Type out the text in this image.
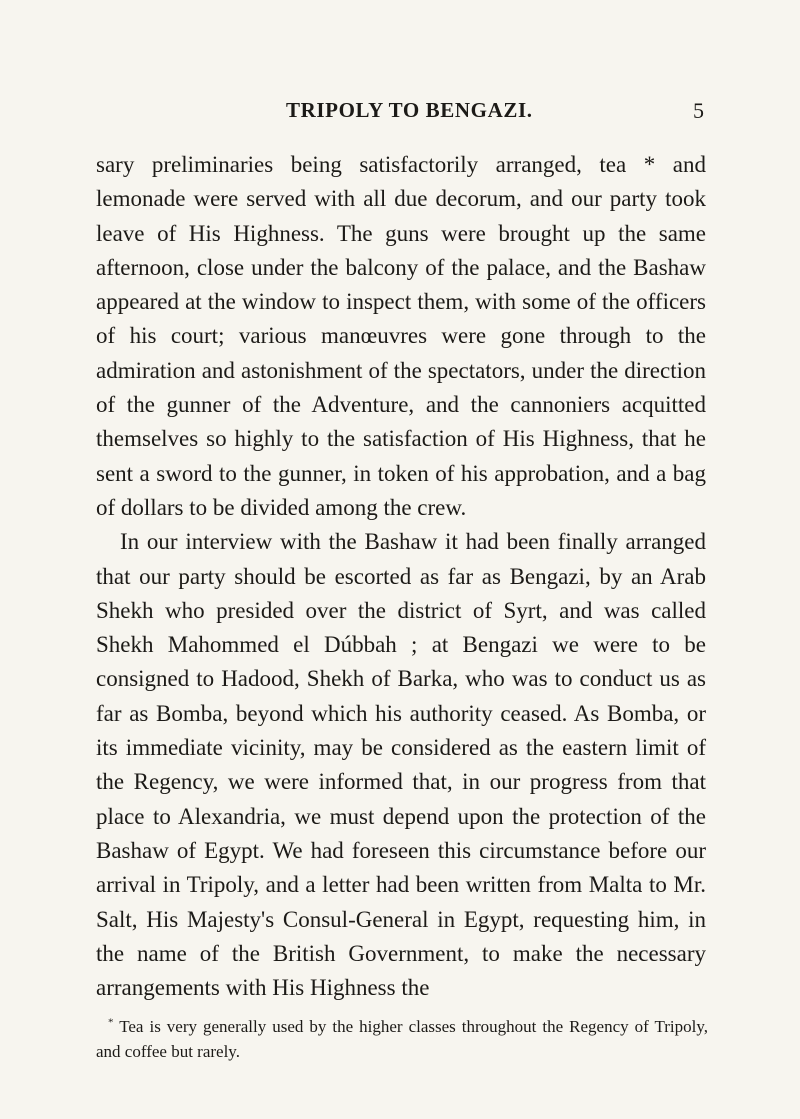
TRIPOLY TO BENGAZI.	5

sary preliminaries being satisfactorily arranged, tea * and lemonade were served with all due decorum, and our party took leave of His Highness. The guns were brought up the same afternoon, close under the balcony of the palace, and the Bashaw appeared at the window to inspect them, with some of the officers of his court; various manœuvres were gone through to the admiration and astonishment of the spectators, under the direction of the gunner of the Adventure, and the cannoniers acquitted themselves so highly to the satisfaction of His Highness, that he sent a sword to the gunner, in token of his approbation, and a bag of dollars to be divided among the crew.

In our interview with the Bashaw it had been finally arranged that our party should be escorted as far as Bengazi, by an Arab Shekh who presided over the district of Syrt, and was called Shekh Mahommed el Dúbbah ; at Bengazi we were to be consigned to Hadood, Shekh of Barka, who was to conduct us as far as Bomba, beyond which his authority ceased. As Bomba, or its immediate vicinity, may be considered as the eastern limit of the Regency, we were informed that, in our progress from that place to Alexandria, we must depend upon the protection of the Bashaw of Egypt. We had foreseen this circumstance before our arrival in Tripoly, and a letter had been written from Malta to Mr. Salt, His Majesty's Consul-General in Egypt, requesting him, in the name of the British Government, to make the necessary arrangements with His Highness the

* Tea is very generally used by the higher classes throughout the Regency of Tripoly, and coffee but rarely.
